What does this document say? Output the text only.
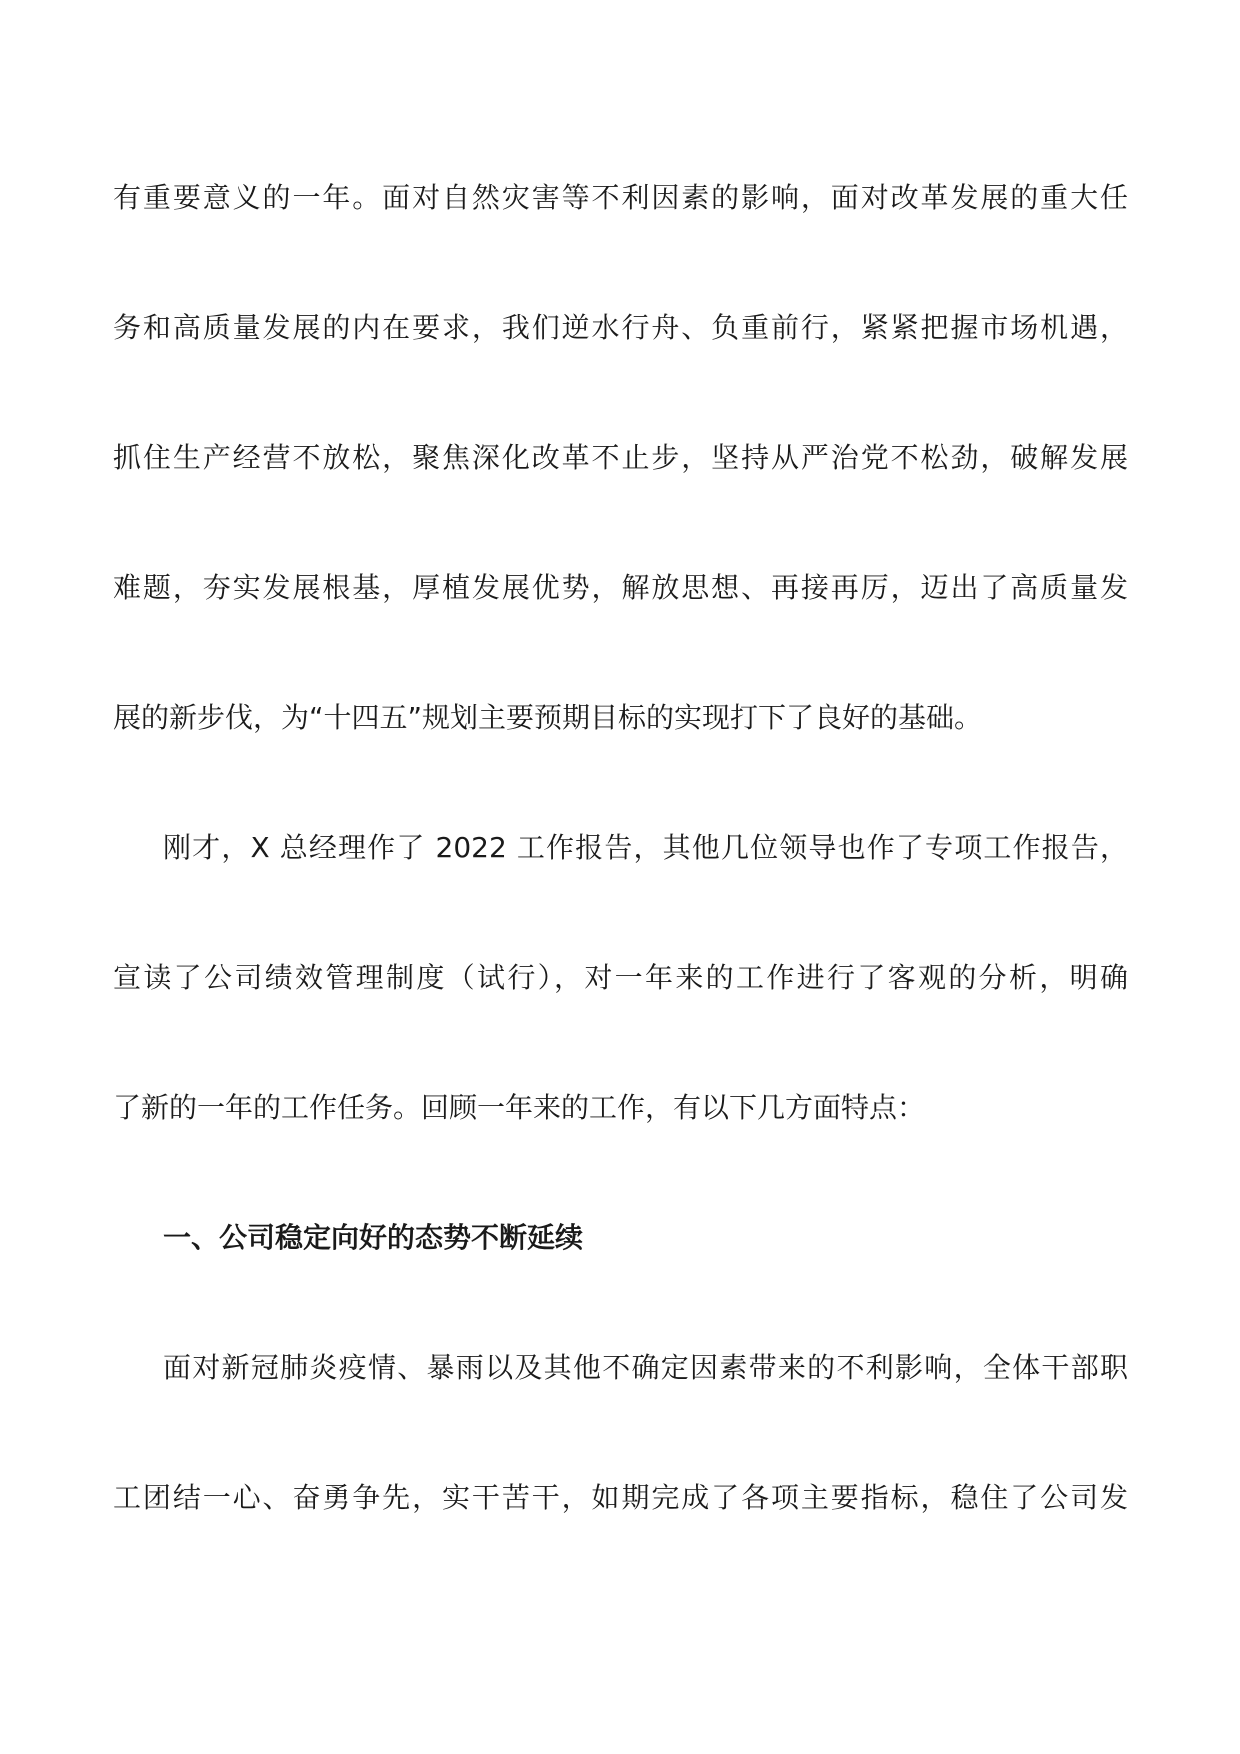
有重要意义的一年。面对自然灾害等不利因素的影响，面对改革发展的重大任
务和高质量发展的内在要求，我们逆水行舟、负重前行，紧紧把握市场机遇，
抓住生产经营不放松，聚焦深化改革不止步，坚持从严治党不松劲，破解发展
难题，夯实发展根基，厚植发展优势，解放思想、再接再厉，迈出了高质量发
展的新步伐，为“十四五”规划主要预期目标的实现打下了良好的基础。
刚才，X 总经理作了 2022 工作报告，其他几位领导也作了专项工作报告，
宣读了公司绩效管理制度（试行），对一年来的工作进行了客观的分析，明确
了新的一年的工作任务。回顾一年来的工作，有以下几方面特点：
一、公司稳定向好的态势不断延续
面对新冠肺炎疫情、暴雨以及其他不确定因素带来的不利影响，全体干部职
工团结一心、奋勇争先，实干苦干，如期完成了各项主要指标，稳住了公司发
